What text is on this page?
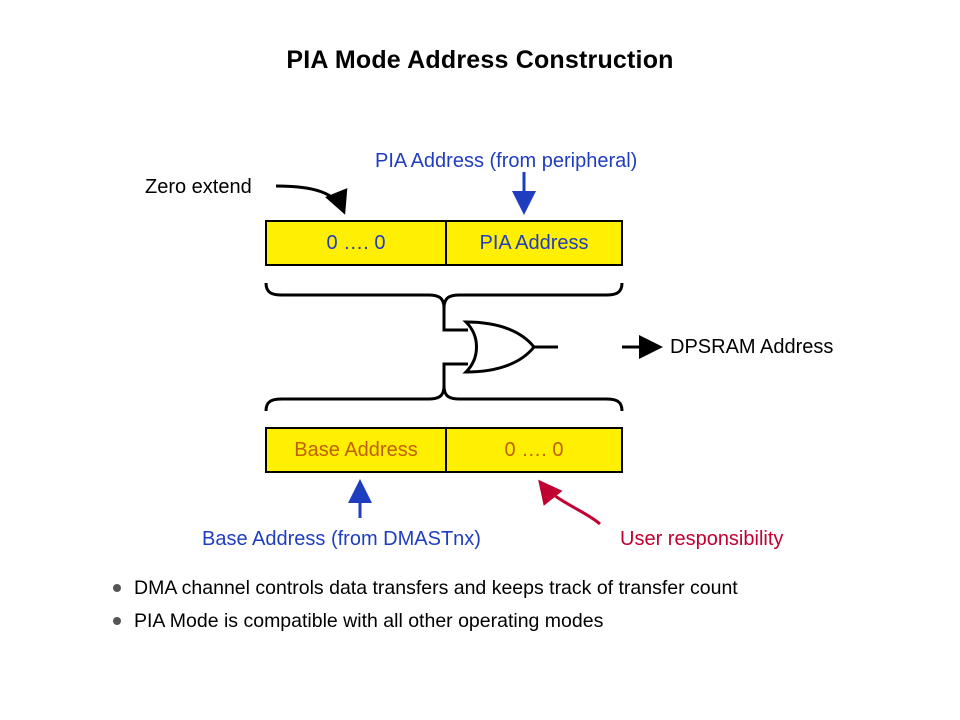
PIA Mode Address Construction
PIA Address (from peripheral)
Zero extend
DPSRAM Address
Base Address (from DMASTnx)	User responsibility
0 …. 0	PIA Address
Base Address	0 …. 0
DMA channel controls data transfers and keeps track of transfer count
PIA Mode is compatible with all other operating modes
